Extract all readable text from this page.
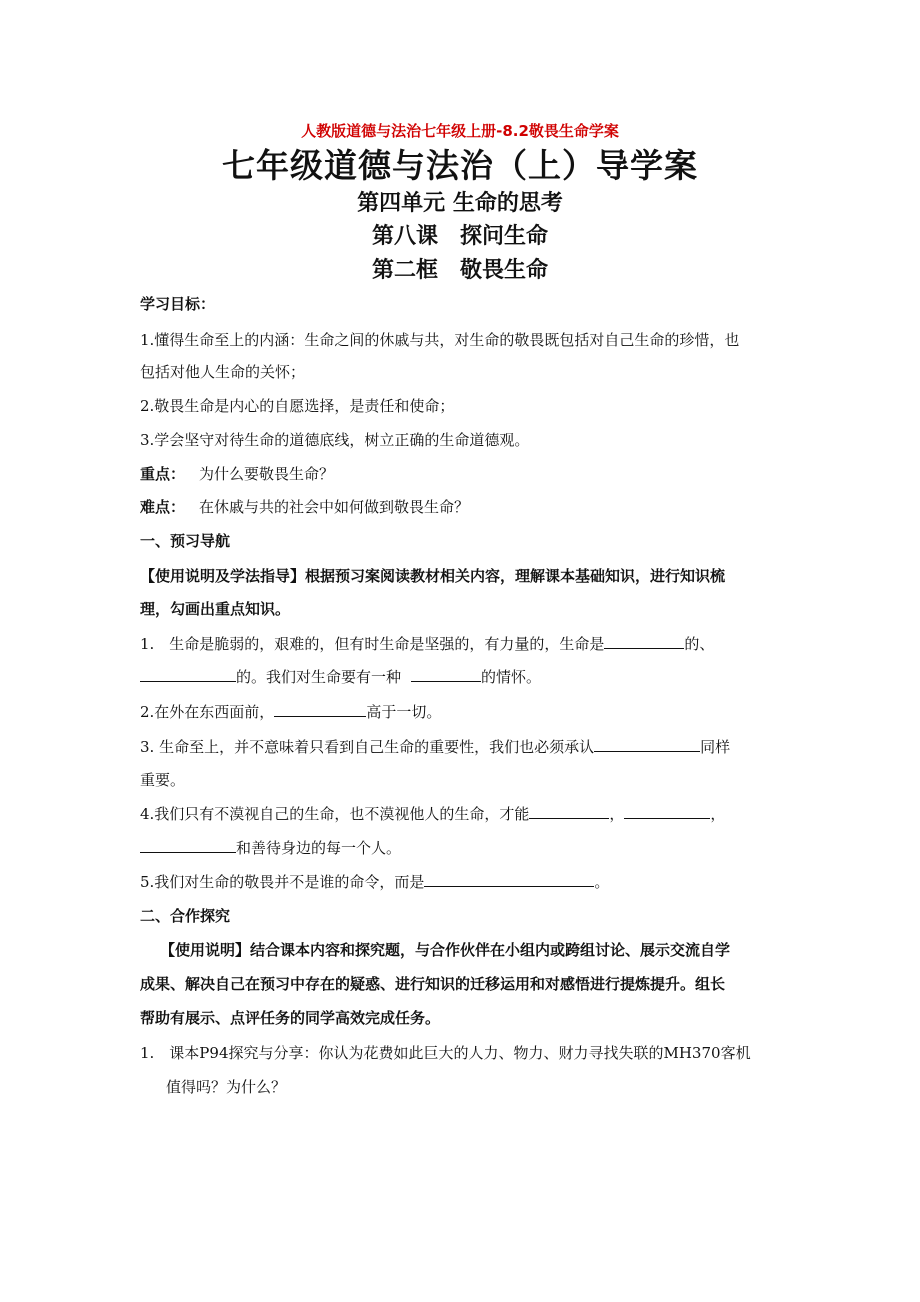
人教版道德与法治七年级上册-8.2敬畏生命学案
七年级道德与法治（上）导学案
第四单元 生命的思考
第八课　探问生命
第二框　敬畏生命
学习目标：
1.懂得生命至上的内涵：生命之间的休戚与共，对生命的敬畏既包括对自己生命的珍惜，也
包括对他人生命的关怀；
2.敬畏生命是内心的自愿选择，是责任和使命；
3.学会坚守对待生命的道德底线，树立正确的生命道德观。
重点： 为什么要敬畏生命？
难点： 在休戚与共的社会中如何做到敬畏生命？
一、预习导航
【使用说明及学法指导】根据预习案阅读教材相关内容，理解课本基础知识，进行知识梳
理，勾画出重点知识。
1.　生命是脆弱的，艰难的，但有时生命是坚强的，有力量的，生命是	的、
的。我们对生命要有一种	的情怀。
2.在外在东西面前，	高于一切。
3. 生命至上，并不意味着只看到自己生命的重要性，我们也必须承认	同样
重要。
4.我们只有不漠视自己的生命，也不漠视他人的生命，才能	，	，
和善待身边的每一个人。
5.我们对生命的敬畏并不是谁的命令，而是	。
二、合作探究
【使用说明】结合课本内容和探究题，与合作伙伴在小组内或跨组讨论、展示交流自学
成果、解决自己在预习中存在的疑惑、进行知识的迁移运用和对感悟进行提炼提升。组长
帮助有展示、点评任务的同学高效完成任务。
1.　课本P94探究与分享：你认为花费如此巨大的人力、物力、财力寻找失联的MH370客机
值得吗？为什么？
